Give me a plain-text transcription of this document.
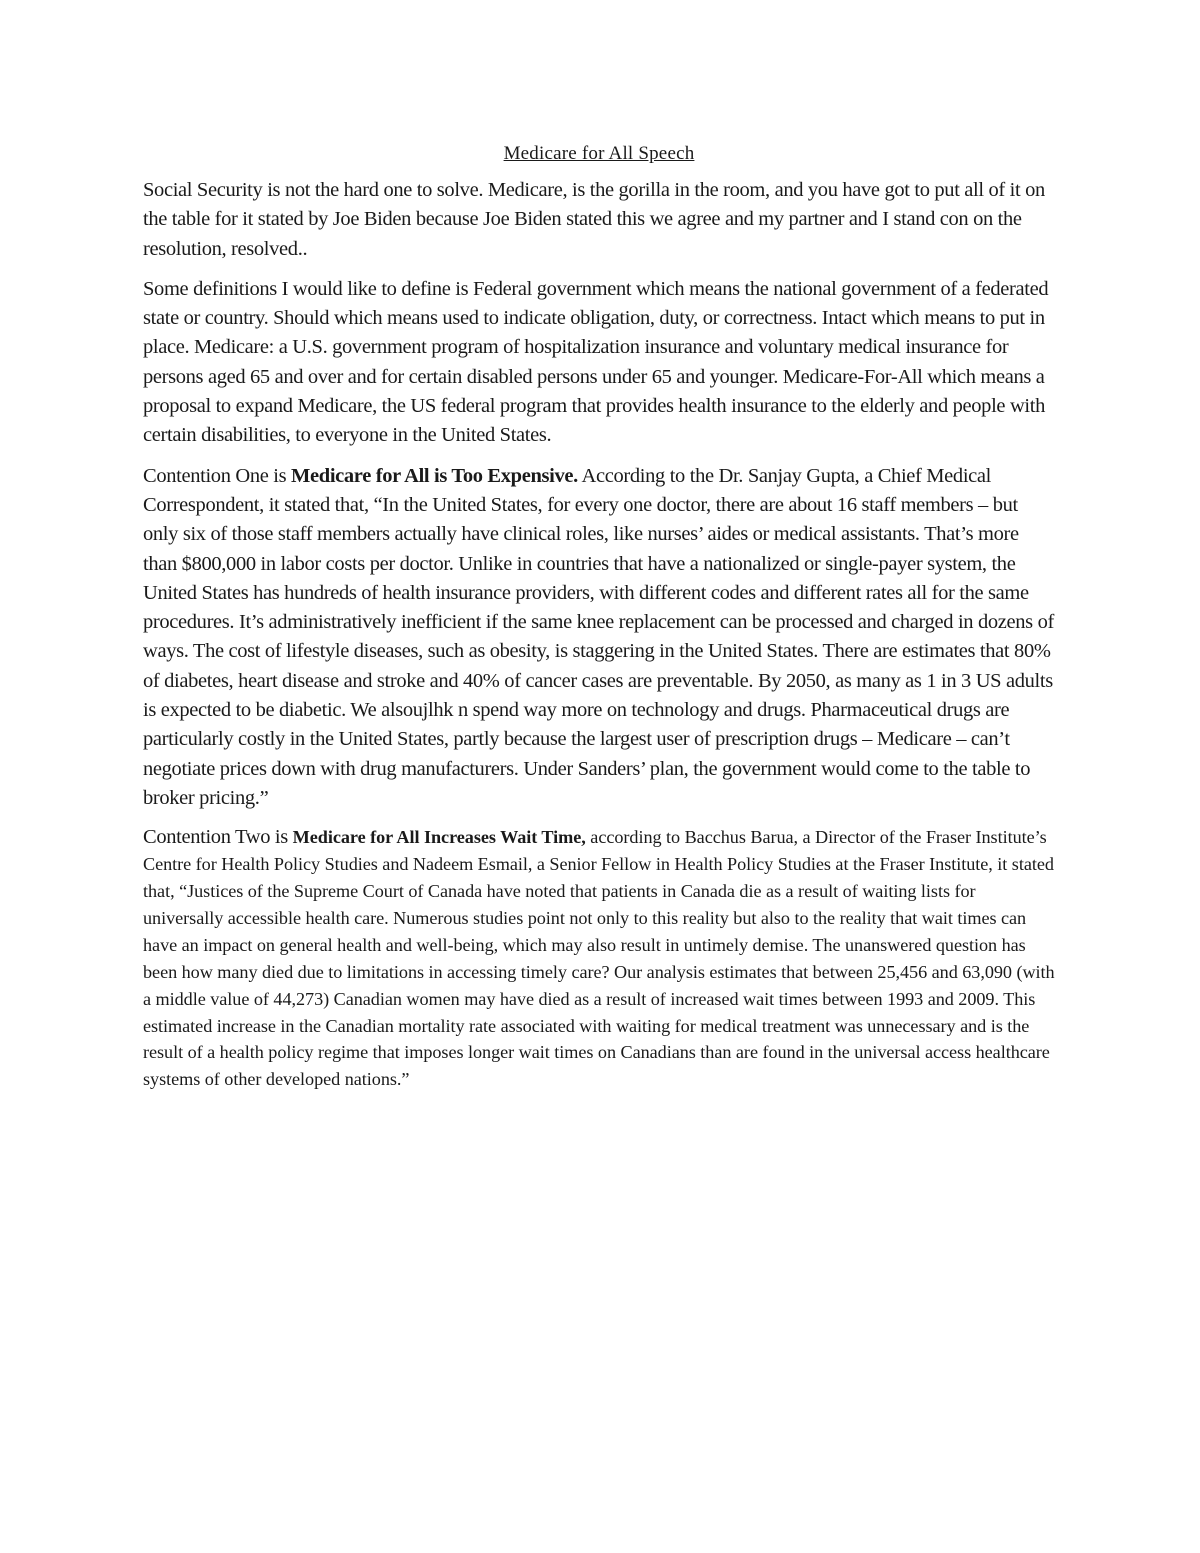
Medicare for All Speech

Social Security is not the hard one to solve. Medicare, is the gorilla in the room, and you have got to put all of it on the table for it stated by Joe Biden because Joe Biden stated this we agree and my partner and I stand con on the resolution, resolved..

Some definitions I would like to define is Federal government which means the national government of a federated state or country. Should which means used to indicate obligation, duty, or correctness. Intact which means to put in place. Medicare: a U.S. government program of hospitalization insurance and voluntary medical insurance for persons aged 65 and over and for certain disabled persons under 65 and younger. Medicare-For-All which means a proposal to expand Medicare, the US federal program that provides health insurance to the elderly and people with certain disabilities, to everyone in the United States.

Contention One is Medicare for All is Too Expensive. According to the Dr. Sanjay Gupta, a Chief Medical Correspondent, it stated that, “In the United States, for every one doctor, there are about 16 staff members – but only six of those staff members actually have clinical roles, like nurses’ aides or medical assistants. That’s more than $800,000 in labor costs per doctor. Unlike in countries that have a nationalized or single-payer system, the United States has hundreds of health insurance providers, with different codes and different rates all for the same procedures. It’s administratively inefficient if the same knee replacement can be processed and charged in dozens of ways. The cost of lifestyle diseases, such as obesity, is staggering in the United States. There are estimates that 80% of diabetes, heart disease and stroke and 40% of cancer cases are preventable. By 2050, as many as 1 in 3 US adults is expected to be diabetic. We alsoujlhk n spend way more on technology and drugs. Pharmaceutical drugs are particularly costly in the United States, partly because the largest user of prescription drugs – Medicare – can’t negotiate prices down with drug manufacturers. Under Sanders’ plan, the government would come to the table to broker pricing.”

Contention Two is Medicare for All Increases Wait Time, according to Bacchus Barua, a Director of the Fraser Institute’s Centre for Health Policy Studies and Nadeem Esmail, a Senior Fellow in Health Policy Studies at the Fraser Institute, it stated that, “Justices of the Supreme Court of Canada have noted that patients in Canada die as a result of waiting lists for universally accessible health care. Numerous studies point not only to this reality but also to the reality that wait times can have an impact on general health and well-being, which may also result in untimely demise. The unanswered question has been how many died due to limitations in accessing timely care? Our analysis estimates that between 25,456 and 63,090 (with a middle value of 44,273) Canadian women may have died as a result of increased wait times between 1993 and 2009. This estimated increase in the Canadian mortality rate associated with waiting for medical treatment was unnecessary and is the result of a health policy regime that imposes longer wait times on Canadians than are found in the universal access healthcare systems of other developed nations.”
